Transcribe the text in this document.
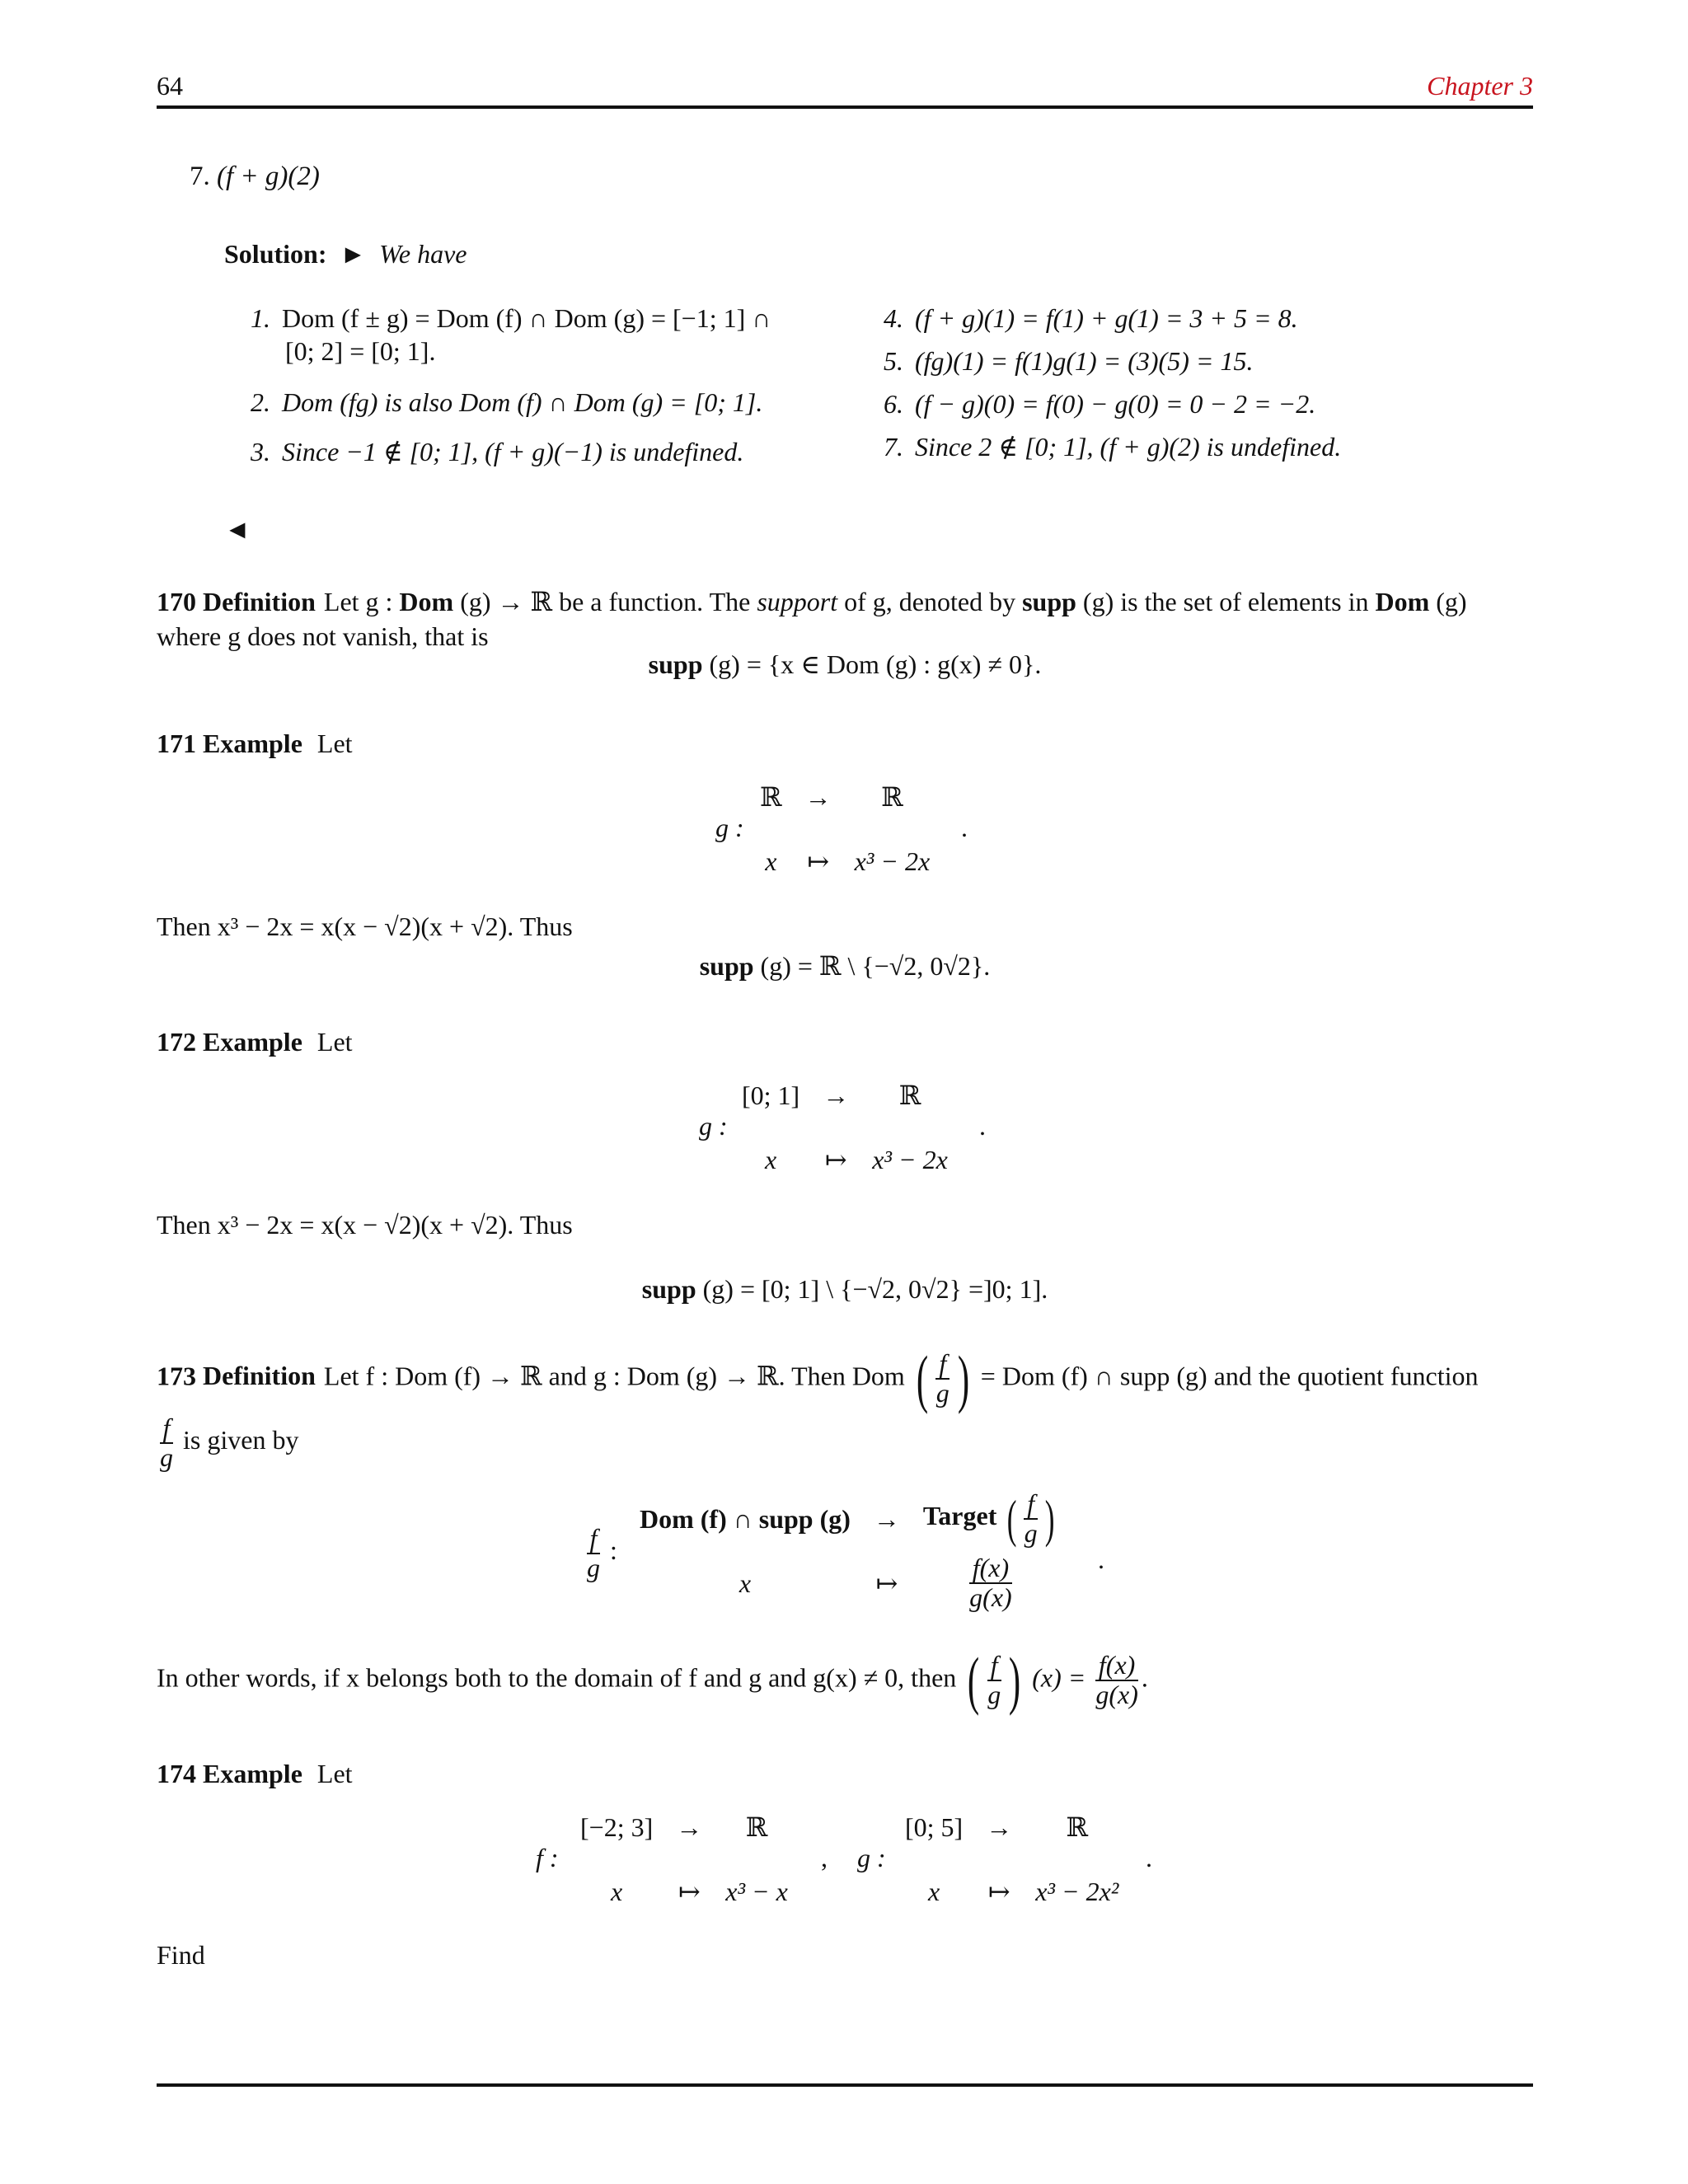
64	Chapter 3
7. (f + g)(2)
Solution: ► We have
1. Dom (f ± g) = Dom (f) ∩ Dom (g) = [−1; 1] ∩
[0; 2] = [0; 1].
2. Dom (fg) is also Dom (f) ∩ Dom (g) = [0; 1].
3. Since −1 ∉ [0; 1], (f + g)(−1) is undefined.
4. (f + g)(1) = f(1) + g(1) = 3 + 5 = 8.
5. (fg)(1) = f(1)g(1) = (3)(5) = 15.
6. (f − g)(0) = f(0) − g(0) = 0 − 2 = −2.
7. Since 2 ∉ [0; 1], (f + g)(2) is undefined.
◄
170 Definition Let g : Dom (g) → ℝ be a function. The support of g, denoted by supp (g) is the set of elements in Dom (g)
where g does not vanish, that is
supp (g) = {x ∈ Dom (g) : g(x) ≠ 0}.
171 Example Let
g :
ℝ	→	ℝ
x	↦	x³ − 2x
.
Then x³ − 2x = x(x − √2)(x + √2). Thus
supp (g) = ℝ \ {−√2, 0√2}.
172 Example Let
g :
[0; 1]	→	ℝ
x	↦	x³ − 2x
.
Then x³ − 2x = x(x − √2)(x + √2). Thus
supp (g) = [0; 1] \ {−√2, 0√2} =]0; 1].
173 Definition Let f : Dom (f) → ℝ and g : Dom (g) → ℝ. Then Dom ( $\frac{f}{g}$ ) = Dom (f) ∩ supp (g) and the quotient function
$\frac{f}{g}$ is given by
$\frac{f}{g}$ :
Dom (f) ∩ supp (g)	→	Target ( $\frac{f}{g}$ )
x	↦	$\frac{f(x)}{g(x)}$	.
In other words, if x belongs both to the domain of f and g and g(x) ≠ 0, then ( $\frac{f}{g}$ ) $(x) = \frac{f(x)}{g(x)}$ .
174 Example Let
f :
[−2; 3]	→	ℝ
x	↦	x³ − x
, g :
[0; 5]	→	ℝ
x	↦	x³ − 2x²
.
Find
